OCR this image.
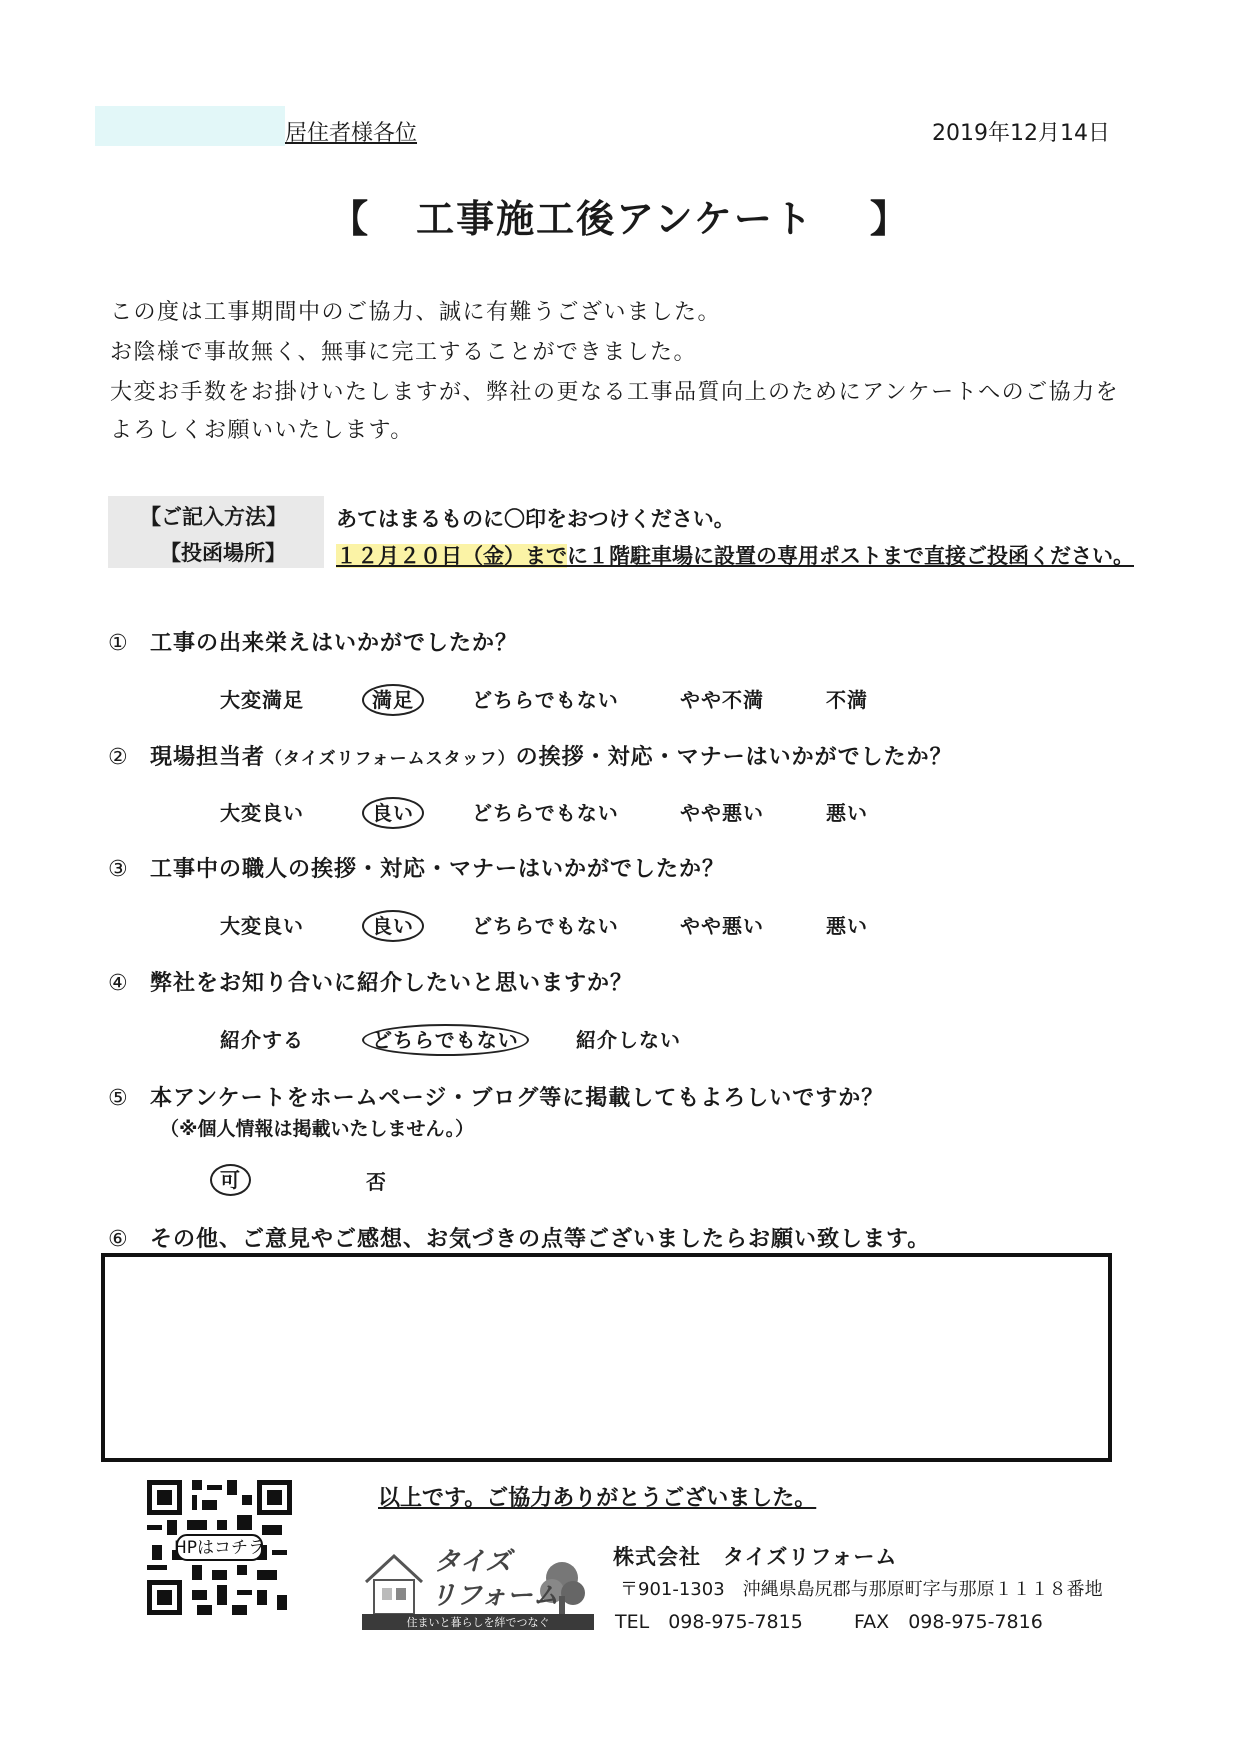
居住者様各位	2019年12月14日
【 工事施工後アンケート 】
この度は工事期間中のご協力、誠に有難うございました。
お陰様で事故無く、無事に完工することができました。
大変お手数をお掛けいたしますが、弊社の更なる工事品質向上のためにアンケートへのご協力を
よろしくお願いいたします。
【ご記入方法】 あてはまるものに〇印をおつけください。
【投函場所】 １２月２０日（金）までに１階駐車場に設置の専用ポストまで直接ご投函ください。
① 工事の出来栄えはいかがでしたか？
大変満足	満足	どちらでもない	やや不満	不満
② 現場担当者（タイズリフォームスタッフ）の挨拶・対応・マナーはいかがでしたか？
大変良い	良い	どちらでもない	やや悪い	悪い
③ 工事中の職人の挨拶・対応・マナーはいかがでしたか？
大変良い	良い	どちらでもない	やや悪い	悪い
④ 弊社をお知り合いに紹介したいと思いますか？
紹介する	どちらでもない	紹介しない
⑤ 本アンケートをホームページ・ブログ等に掲載してもよろしいですか？
（※個人情報は掲載いたしません。）
可	否
⑥ その他、ご意見やご感想、お気づきの点等ございましたらお願い致します。
以上です。ご協力ありがとうございました。
HPはコチラ	タイズ
リフォーム
住まいと暮らしを絆でつなぐ
株式会社　タイズリフォーム
〒901-1303　沖縄県島尻郡与那原町字与那原１１１８番地
TEL　098-975-7815	FAX　098-975-7816
